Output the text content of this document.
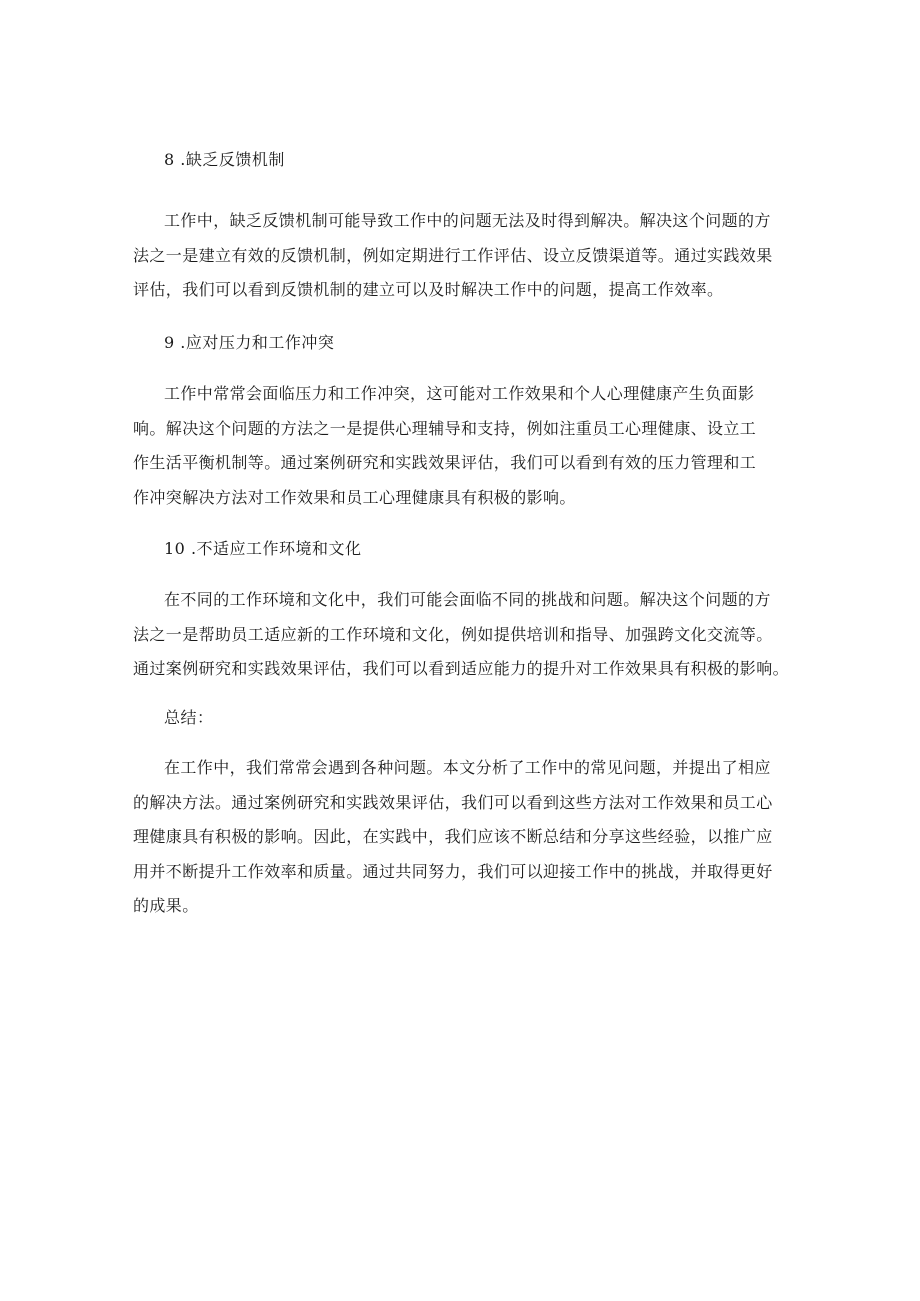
8 .缺乏反馈机制
工作中，缺乏反馈机制可能导致工作中的问题无法及时得到解决。解决这个问题的方
法之一是建立有效的反馈机制，例如定期进行工作评估、设立反馈渠道等。通过实践效果
评估，我们可以看到反馈机制的建立可以及时解决工作中的问题，提高工作效率。
9 .应对压力和工作冲突
工作中常常会面临压力和工作冲突，这可能对工作效果和个人心理健康产生负面影
响。解决这个问题的方法之一是提供心理辅导和支持，例如注重员工心理健康、设立工
作生活平衡机制等。通过案例研究和实践效果评估，我们可以看到有效的压力管理和工
作冲突解决方法对工作效果和员工心理健康具有积极的影响。
10 .不适应工作环境和文化
在不同的工作环境和文化中，我们可能会面临不同的挑战和问题。解决这个问题的方
法之一是帮助员工适应新的工作环境和文化，例如提供培训和指导、加强跨文化交流等。
通过案例研究和实践效果评估，我们可以看到适应能力的提升对工作效果具有积极的影响。
总结：
在工作中，我们常常会遇到各种问题。本文分析了工作中的常见问题，并提出了相应
的解决方法。通过案例研究和实践效果评估，我们可以看到这些方法对工作效果和员工心
理健康具有积极的影响。因此，在实践中，我们应该不断总结和分享这些经验，以推广应
用并不断提升工作效率和质量。通过共同努力，我们可以迎接工作中的挑战，并取得更好
的成果。
